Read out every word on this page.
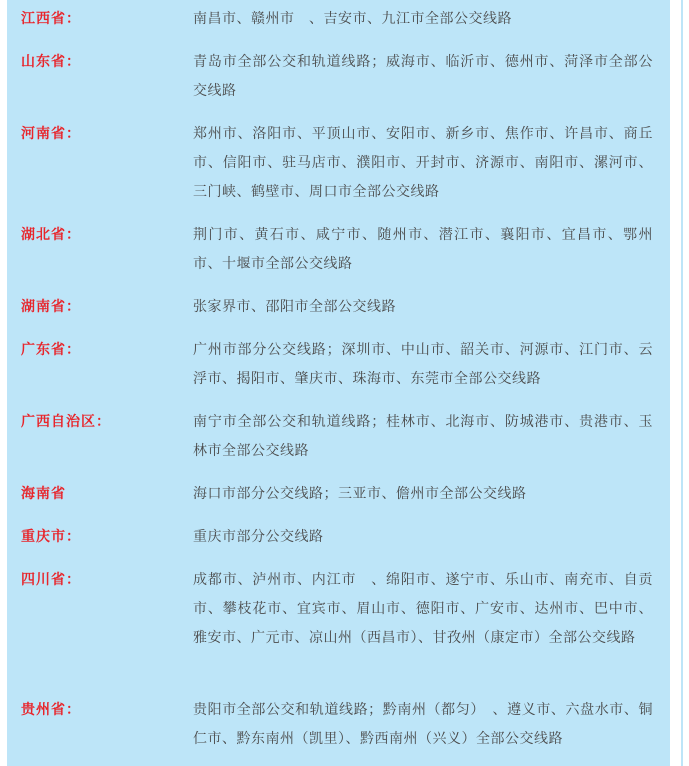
江西省：	南昌市、赣州市　、吉安市、九江市全部公交线路
山东省：	青岛市全部公交和轨道线路；威海市、临沂市、德州市、菏泽市全部公交线路
河南省：	郑州市、洛阳市、平顶山市、安阳市、新乡市、焦作市、许昌市、商丘市、信阳市、驻马店市、濮阳市、开封市、济源市、南阳市、漯河市、三门峡、鹤壁市、周口市全部公交线路
湖北省：	荆门市、黄石市、咸宁市、随州市、潜江市、襄阳市、宜昌市、鄂州市、十堰市全部公交线路
湖南省：	张家界市、邵阳市全部公交线路
广东省：	广州市部分公交线路；深圳市、中山市、韶关市、河源市、江门市、云浮市、揭阳市、肇庆市、珠海市、东莞市全部公交线路
广西自治区：	南宁市全部公交和轨道线路；桂林市、北海市、防城港市、贵港市、玉林市全部公交线路
海南省	海口市部分公交线路；三亚市、儋州市全部公交线路
重庆市：	重庆市部分公交线路
四川省：	成都市、泸州市、内江市　、绵阳市、遂宁市、乐山市、南充市、自贡市、攀枝花市、宜宾市、眉山市、德阳市、广安市、达州市、巴中市、雅安市、广元市、凉山州（西昌市）、甘孜州（康定市）全部公交线路
贵州省：	贵阳市全部公交和轨道线路；黔南州（都匀）　、遵义市、六盘水市、铜仁市、黔东南州（凯里）、黔西南州（兴义）全部公交线路
